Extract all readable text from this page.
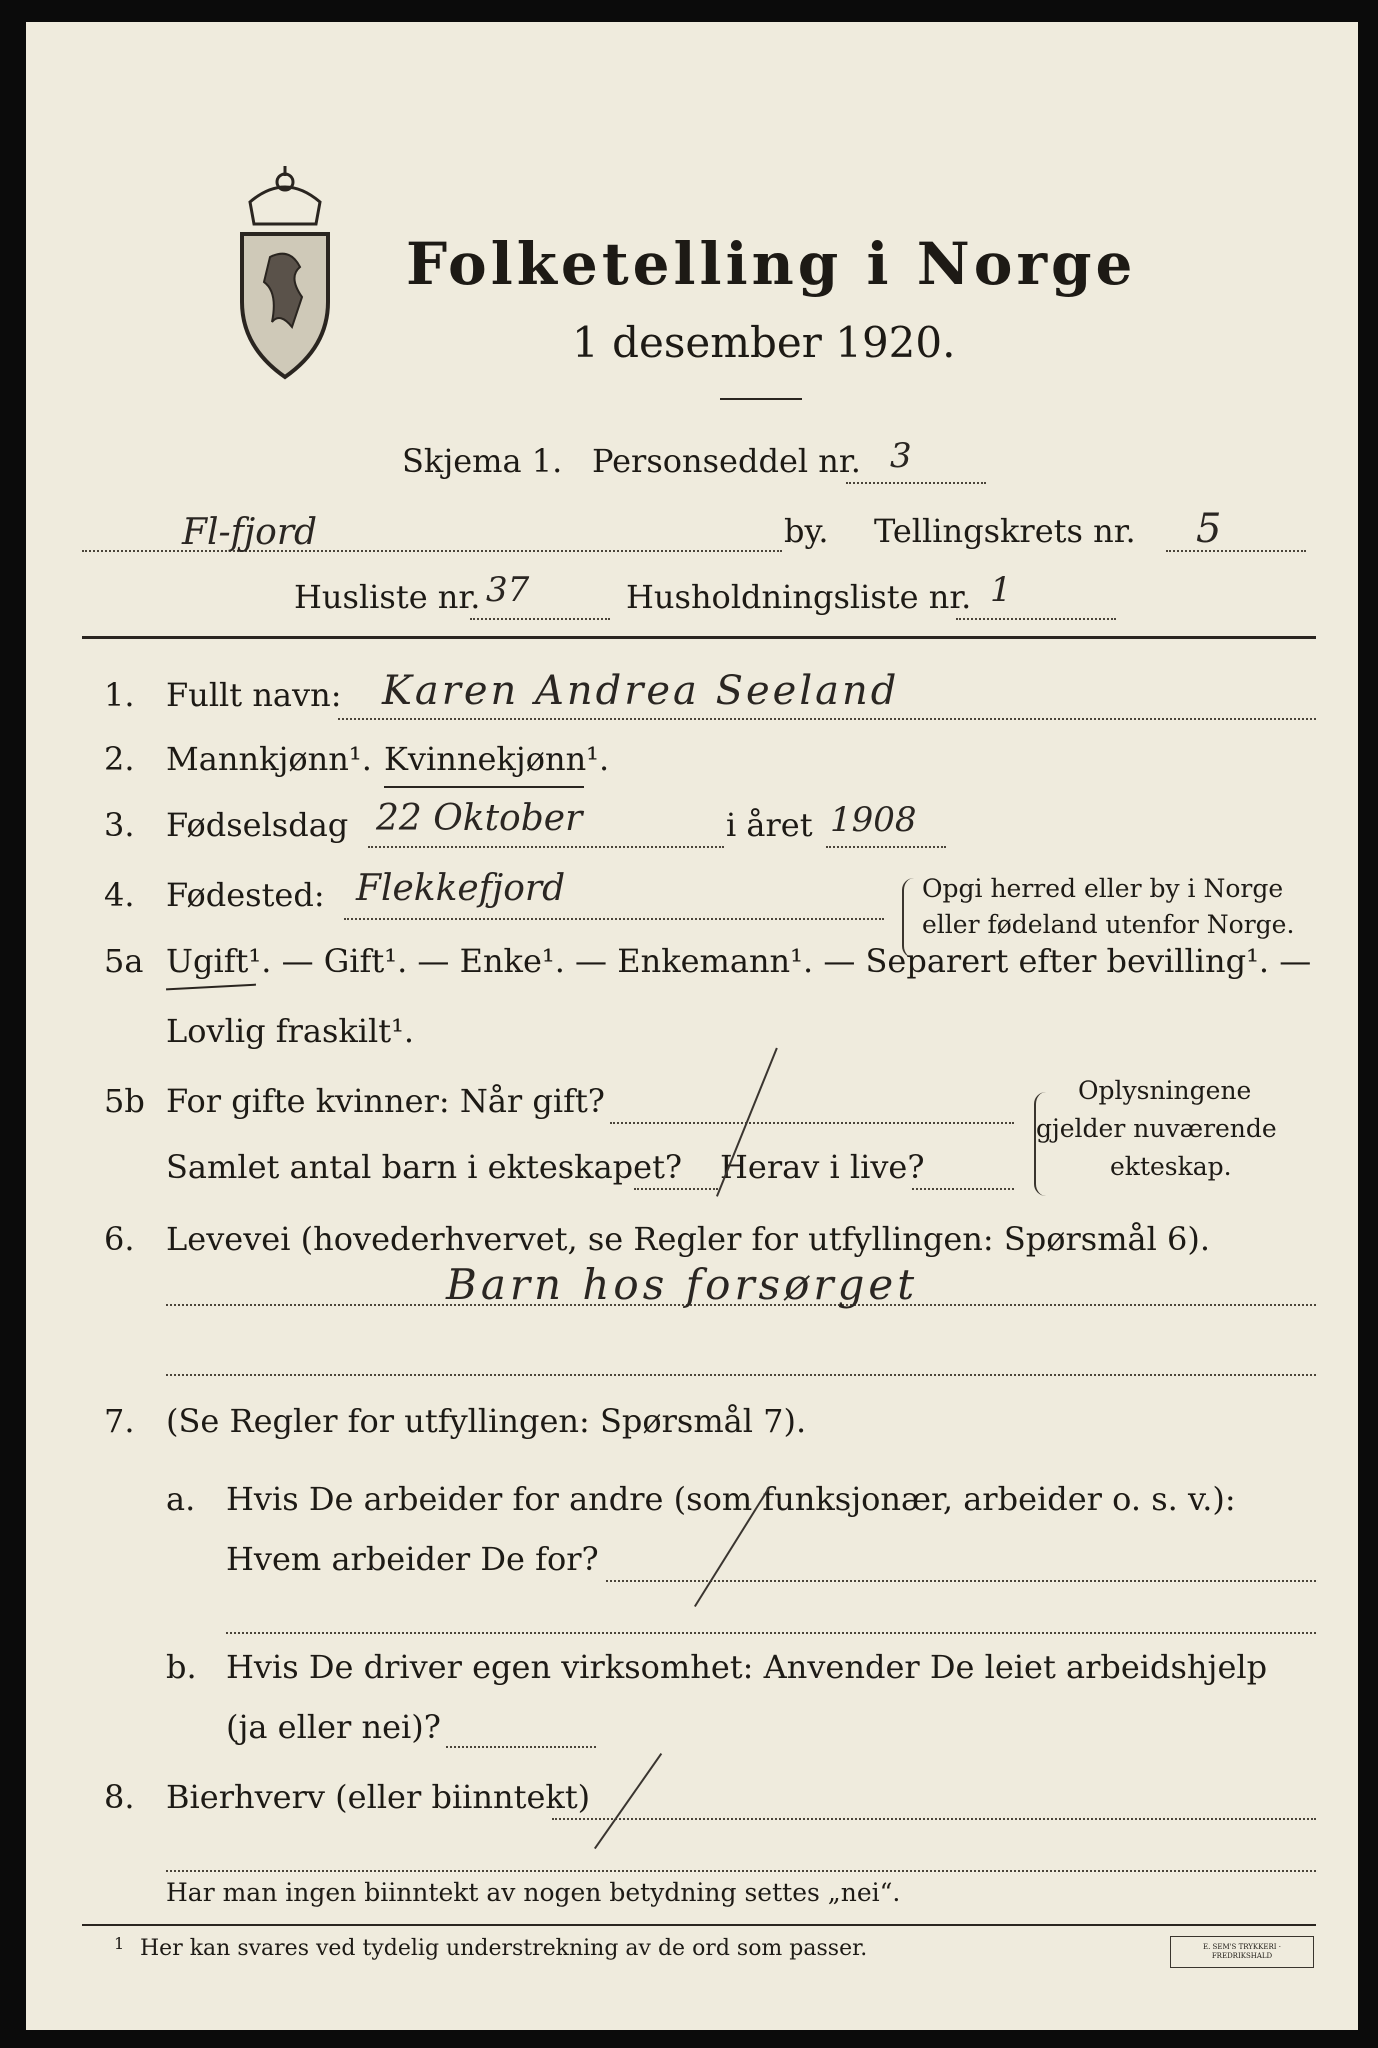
Folketelling i Norge
1 desember 1920.
Skjema 1. Personseddel nr. 3
Fl-fjord	by. Tellingskrets nr. 5
Husliste nr. 37	Husholdningsliste nr. 1
1. Fullt navn: Karen Andrea Seeland
2. Mannkjønn¹. Kvinnekjønn¹.
3. Fødselsdag 22 Oktober	i året 1908
4. Fødested: Flekkefjord	Opgi herred eller by i Norge
eller fødeland utenfor Norge.
5a Ugift¹. — Gift¹. — Enke¹. — Enkemann¹. — Separert efter bevilling¹. —
Lovlig fraskilt¹.
5b For gifte kvinner: Når gift?
Samlet antal barn i ekteskapet? Herav i live?
Oplysningene
gjelder nuværende
ekteskap.
6. Levevei (hovederhvervet, se Regler for utfyllingen: Spørsmål 6).
Barn hos forsørget
7. (Se Regler for utfyllingen: Spørsmål 7).
a. Hvis De arbeider for andre (som funksjonær, arbeider o. s. v.):
Hvem arbeider De for?
b. Hvis De driver egen virksomhet: Anvender De leiet arbeidshjelp
(ja eller nei)?
8. Bierhverv (eller biinntekt)
Har man ingen biinntekt av nogen betydning settes „nei“.
1 Her kan svares ved tydelig understrekning av de ord som passer.	E. SEM'S TRYKKERI · FREDRIKSHALD
